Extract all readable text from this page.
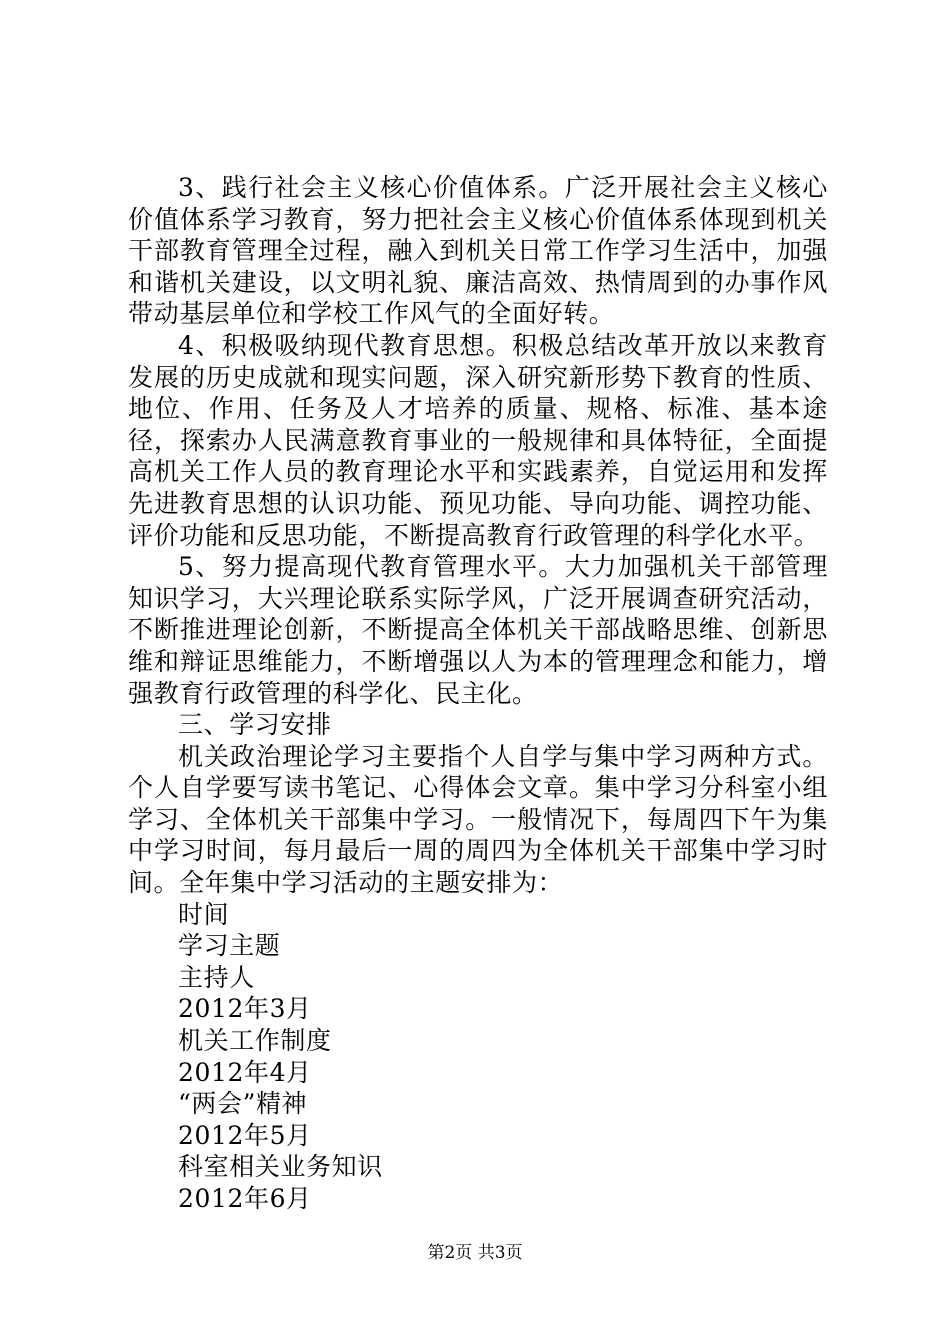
3、践行社会主义核心价值体系。广泛开展社会主义核心价值体系学习教育，努力把社会主义核心价值体系体现到机关干部教育管理全过程，融入到机关日常工作学习生活中，加强和谐机关建设，以文明礼貌、廉洁高效、热情周到的办事作风带动基层单位和学校工作风气的全面好转。

4、积极吸纳现代教育思想。积极总结改革开放以来教育发展的历史成就和现实问题，深入研究新形势下教育的性质、地位、作用、任务及人才培养的质量、规格、标准、基本途径，探索办人民满意教育事业的一般规律和具体特征，全面提高机关工作人员的教育理论水平和实践素养，自觉运用和发挥先进教育思想的认识功能、预见功能、导向功能、调控功能、评价功能和反思功能，不断提高教育行政管理的科学化水平。

5、努力提高现代教育管理水平。大力加强机关干部管理知识学习，大兴理论联系实际学风，广泛开展调查研究活动，不断推进理论创新，不断提高全体机关干部战略思维、创新思维和辩证思维能力，不断增强以人为本的管理理念和能力，增强教育行政管理的科学化、民主化。

三、学习安排

机关政治理论学习主要指个人自学与集中学习两种方式。个人自学要写读书笔记、心得体会文章。集中学习分科室小组学习、全体机关干部集中学习。一般情况下，每周四下午为集中学习时间，每月最后一周的周四为全体机关干部集中学习时间。全年集中学习活动的主题安排为：

时间
学习主题
主持人
2012年3月
机关工作制度
2012年4月
“两会”精神
2012年5月
科室相关业务知识
2012年6月
第2页 共3页
